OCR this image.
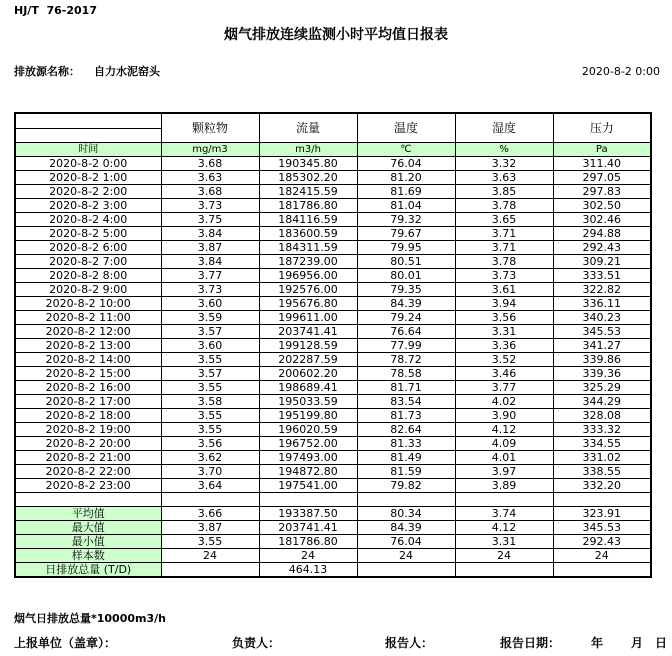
HJ/T  76-2017
烟气排放连续监测小时平均值日报表
排放源名称： 自力水泥窑头	2020-8-2 0:00
	颗粒物	流量	温度	湿度	压力

时间	mg/m3	m3/h	℃	%	Pa
2020-8-2 0:00	3.68	190345.80	76.04	3.32	311.40
2020-8-2 1:00	3.63	185302.20	81.20	3.63	297.05
2020-8-2 2:00	3.68	182415.59	81.69	3.85	297.83
2020-8-2 3:00	3.73	181786.80	81.04	3.78	302.50
2020-8-2 4:00	3.75	184116.59	79.32	3.65	302.46
2020-8-2 5:00	3.84	183600.59	79.67	3.71	294.88
2020-8-2 6:00	3.87	184311.59	79.95	3.71	292.43
2020-8-2 7:00	3.84	187239.00	80.51	3.78	309.21
2020-8-2 8:00	3.77	196956.00	80.01	3.73	333.51
2020-8-2 9:00	3.73	192576.00	79.35	3.61	322.82
2020-8-2 10:00	3.60	195676.80	84.39	3.94	336.11
2020-8-2 11:00	3.59	199611.00	79.24	3.56	340.23
2020-8-2 12:00	3.57	203741.41	76.64	3.31	345.53
2020-8-2 13:00	3.60	199128.59	77.99	3.36	341.27
2020-8-2 14:00	3.55	202287.59	78.72	3.52	339.86
2020-8-2 15:00	3.57	200602.20	78.58	3.46	339.36
2020-8-2 16:00	3.55	198689.41	81.71	3.77	325.29
2020-8-2 17:00	3.58	195033.59	83.54	4.02	344.29
2020-8-2 18:00	3.55	195199.80	81.73	3.90	328.08
2020-8-2 19:00	3.55	196020.59	82.64	4.12	333.32
2020-8-2 20:00	3.56	196752.00	81.33	4.09	334.55
2020-8-2 21:00	3.62	197493.00	81.49	4.01	331.02
2020-8-2 22:00	3.70	194872.80	81.59	3.97	338.55
2020-8-2 23:00	3.64	197541.00	79.82	3.89	332.20

平均值	3.66	193387.50	80.34	3.74	323.91
最大值	3.87	203741.41	84.39	4.12	345.53
最小值	3.55	181786.80	76.04	3.31	292.43
样本数	24	24	24	24	24
日排放总量 (T/D)		464.13			
烟气日排放总量*10000m3/h
上报单位（盖章）：	负责人：	报告人：	报告日期：	年 月 日
